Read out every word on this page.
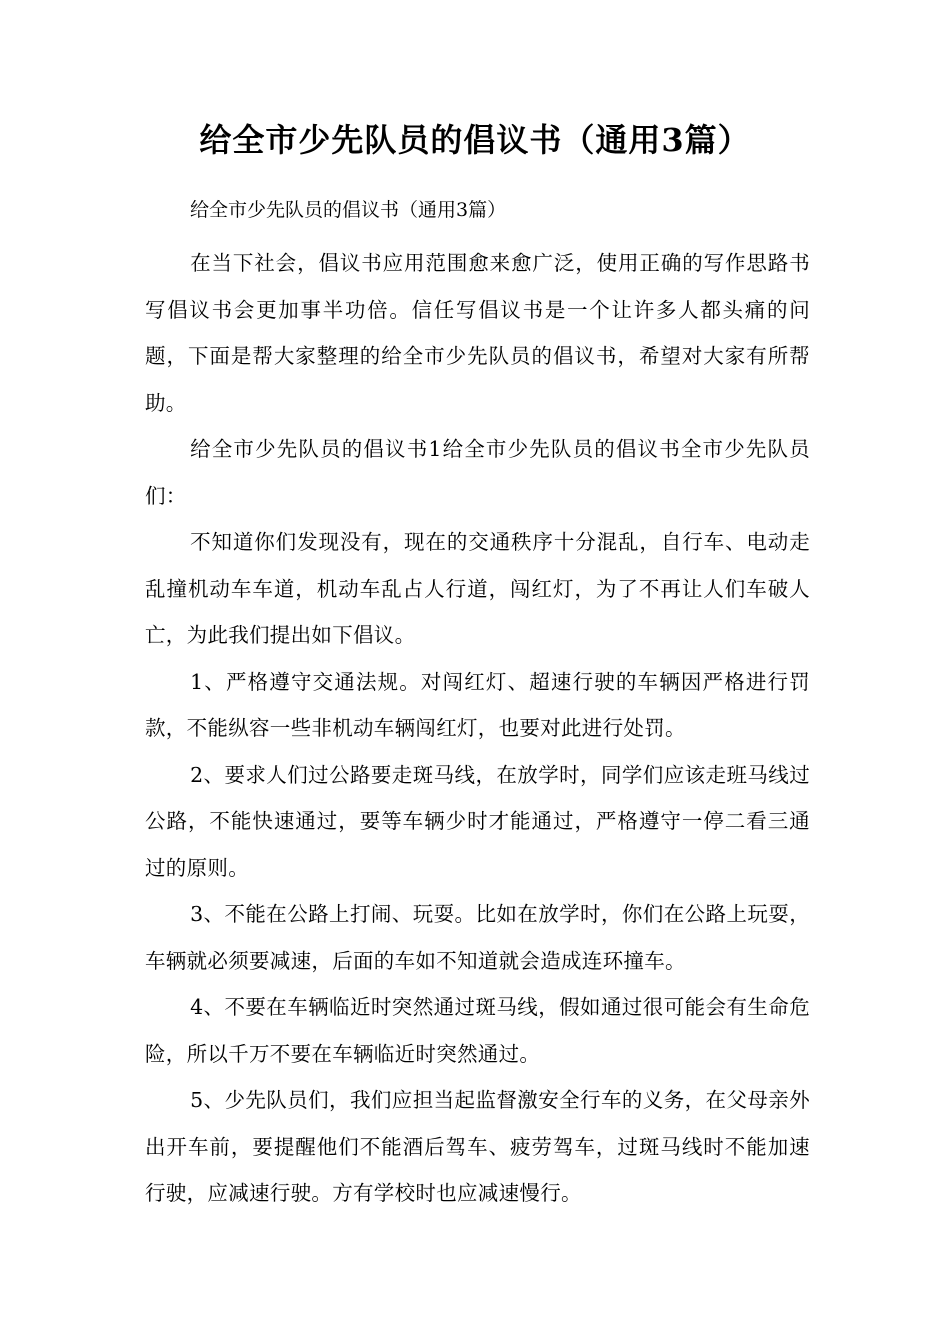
给全市少先队员的倡议书（通用3篇）

给全市少先队员的倡议书（通用3篇）

在当下社会，倡议书应用范围愈来愈广泛，使用正确的写作思路书写倡议书会更加事半功倍。信任写倡议书是一个让许多人都头痛的问题，下面是帮大家整理的给全市少先队员的倡议书，希望对大家有所帮助。

给全市少先队员的倡议书1给全市少先队员的倡议书全市少先队员们：

不知道你们发现没有，现在的交通秩序十分混乱，自行车、电动走乱撞机动车车道，机动车乱占人行道，闯红灯，为了不再让人们车破人亡，为此我们提出如下倡议。

1、严格遵守交通法规。对闯红灯、超速行驶的车辆因严格进行罚款，不能纵容一些非机动车辆闯红灯，也要对此进行处罚。

2、要求人们过公路要走斑马线，在放学时，同学们应该走班马线过公路，不能快速通过，要等车辆少时才能通过，严格遵守一停二看三通过的原则。

3、不能在公路上打闹、玩耍。比如在放学时，你们在公路上玩耍，车辆就必须要减速，后面的车如不知道就会造成连环撞车。

4、不要在车辆临近时突然通过斑马线，假如通过很可能会有生命危险，所以千万不要在车辆临近时突然通过。

5、少先队员们，我们应担当起监督激安全行车的义务，在父母亲外出开车前，要提醒他们不能酒后驾车、疲劳驾车，过斑马线时不能加速行驶，应减速行驶。方有学校时也应减速慢行。
